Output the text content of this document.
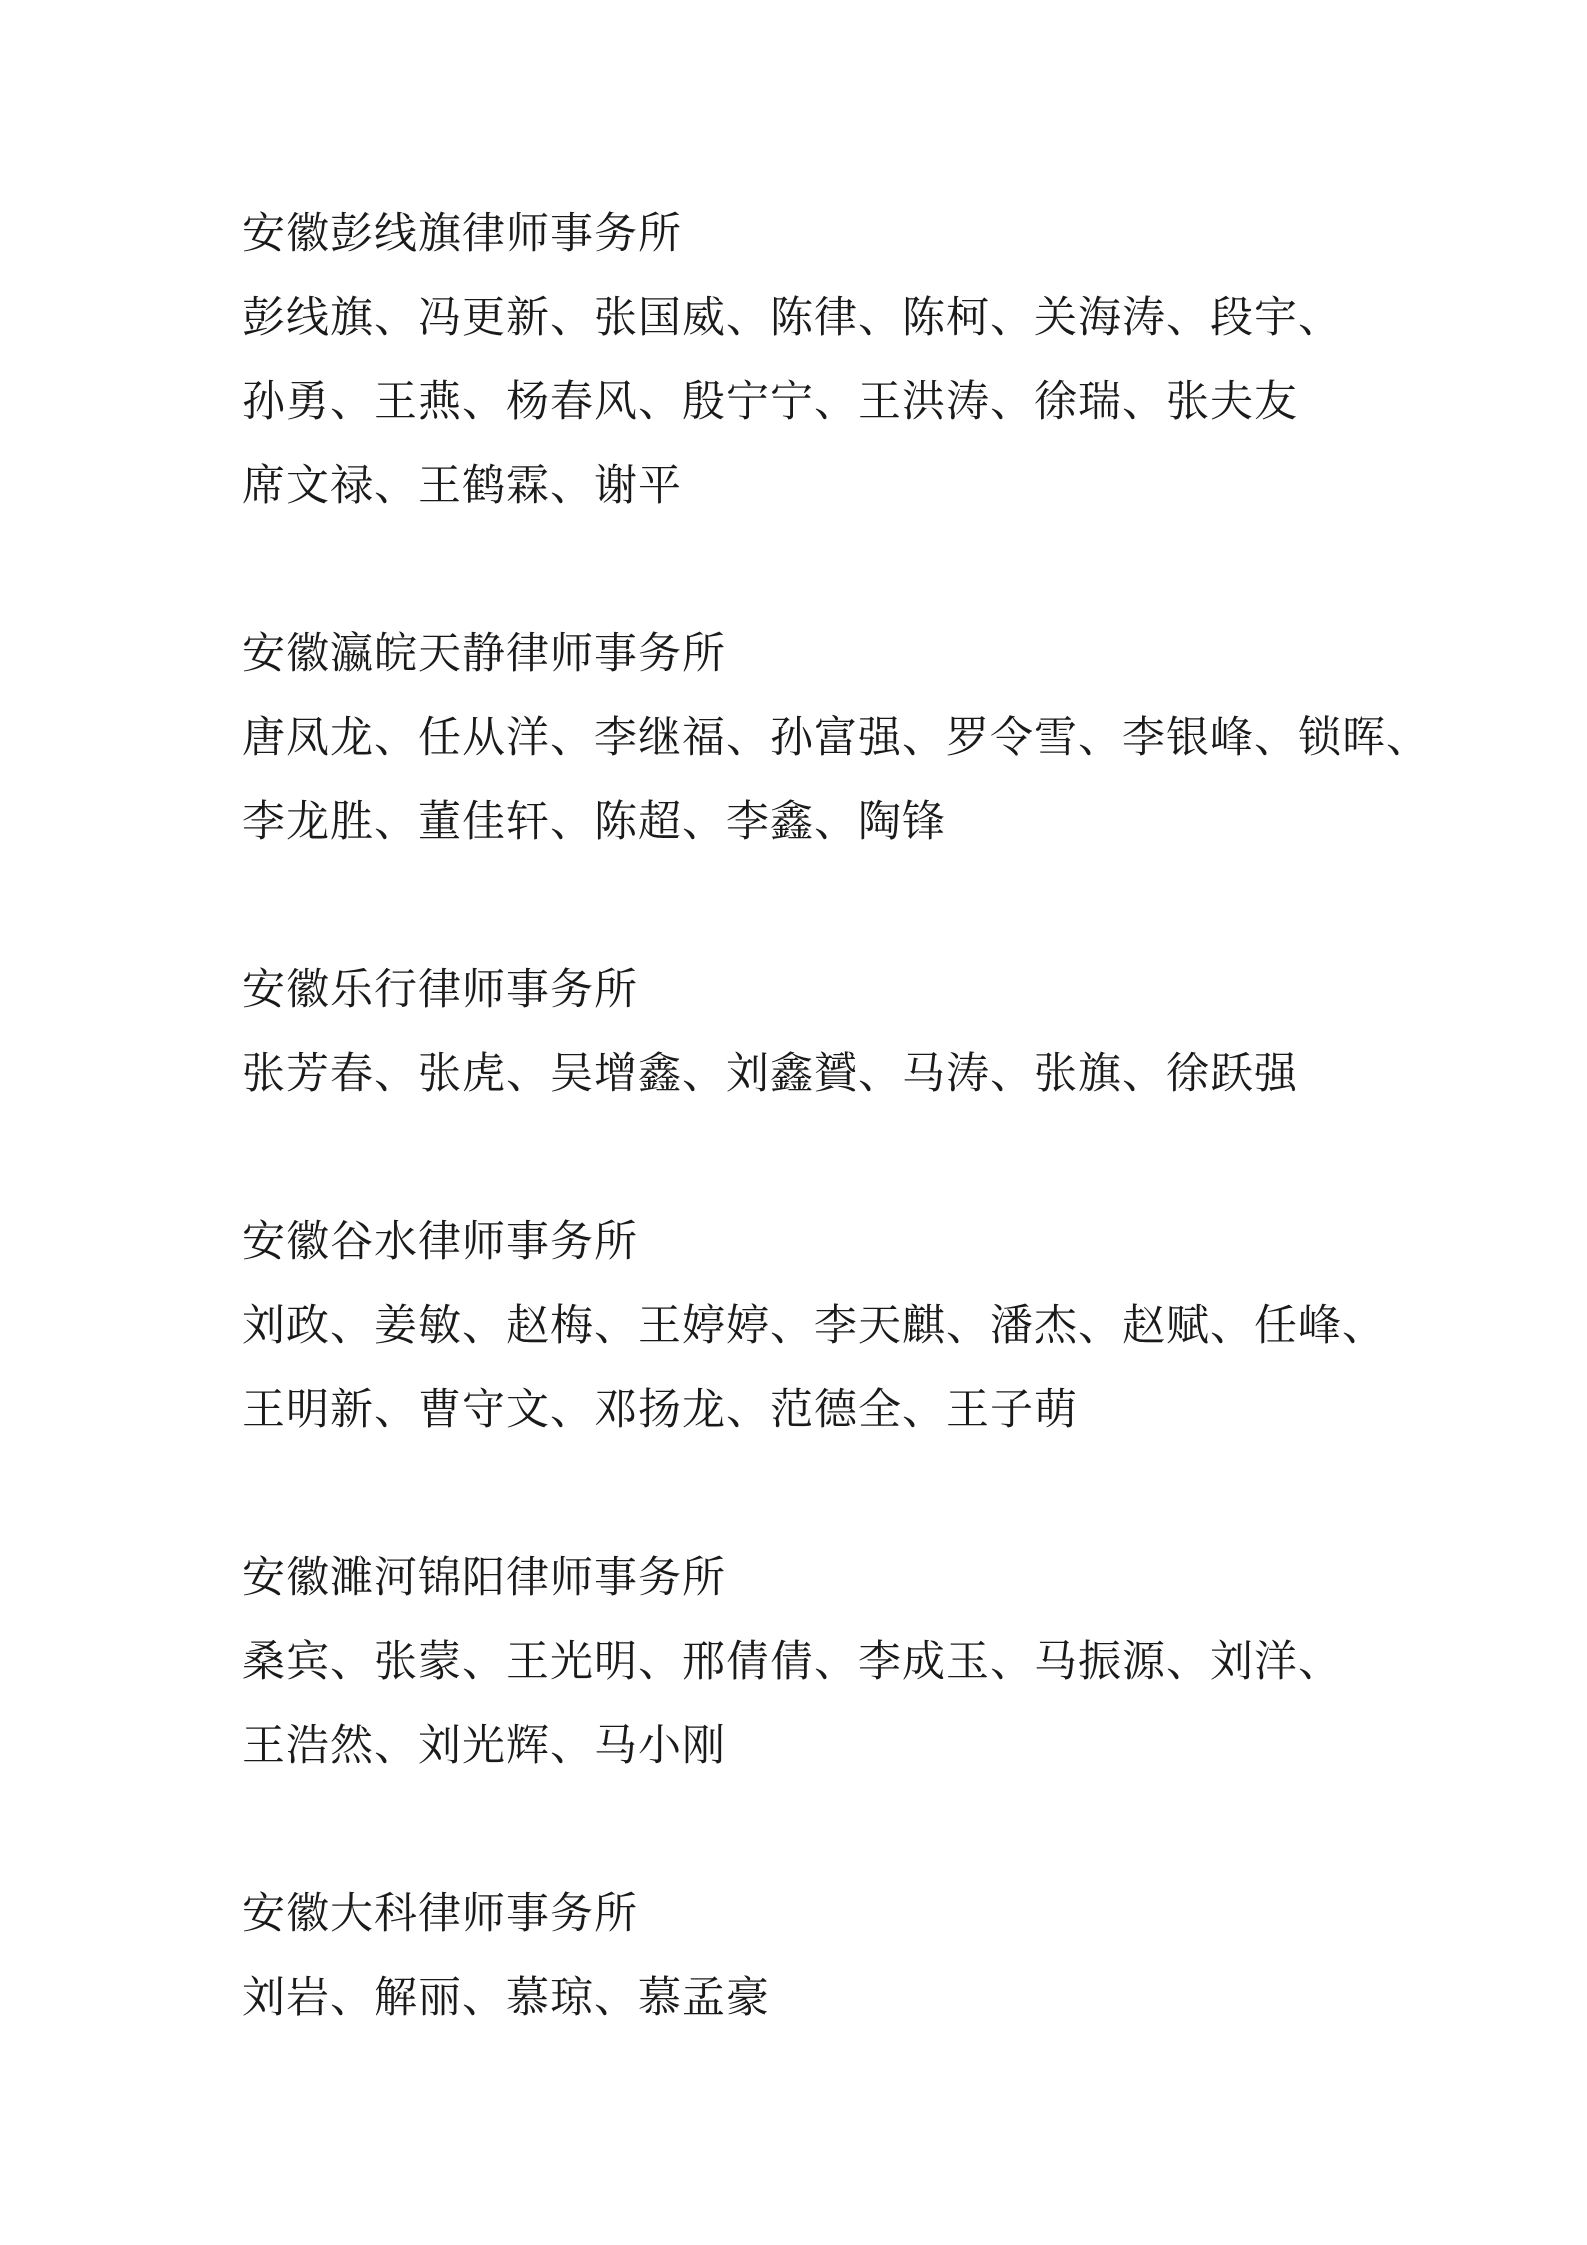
安徽彭线旗律师事务所
彭线旗、冯更新、张国威、陈律、陈柯、关海涛、段宇、
孙勇、王燕、杨春风、殷宁宁、王洪涛、徐瑞、张夫友
席文禄、王鹤霖、谢平
安徽瀛皖天静律师事务所
唐凤龙、任从洋、李继福、孙富强、罗令雪、李银峰、锁晖、
李龙胜、董佳轩、陈超、李鑫、陶锋
安徽乐行律师事务所
张芳春、张虎、吴增鑫、刘鑫贇、马涛、张旗、徐跃强
安徽谷水律师事务所
刘政、姜敏、赵梅、王婷婷、李天麒、潘杰、赵赋、任峰、
王明新、曹守文、邓扬龙、范德全、王子萌
安徽濉河锦阳律师事务所
桑宾、张蒙、王光明、邢倩倩、李成玉、马振源、刘洋、
王浩然、刘光辉、马小刚
安徽大科律师事务所
刘岩、解丽、慕琼、慕孟豪
